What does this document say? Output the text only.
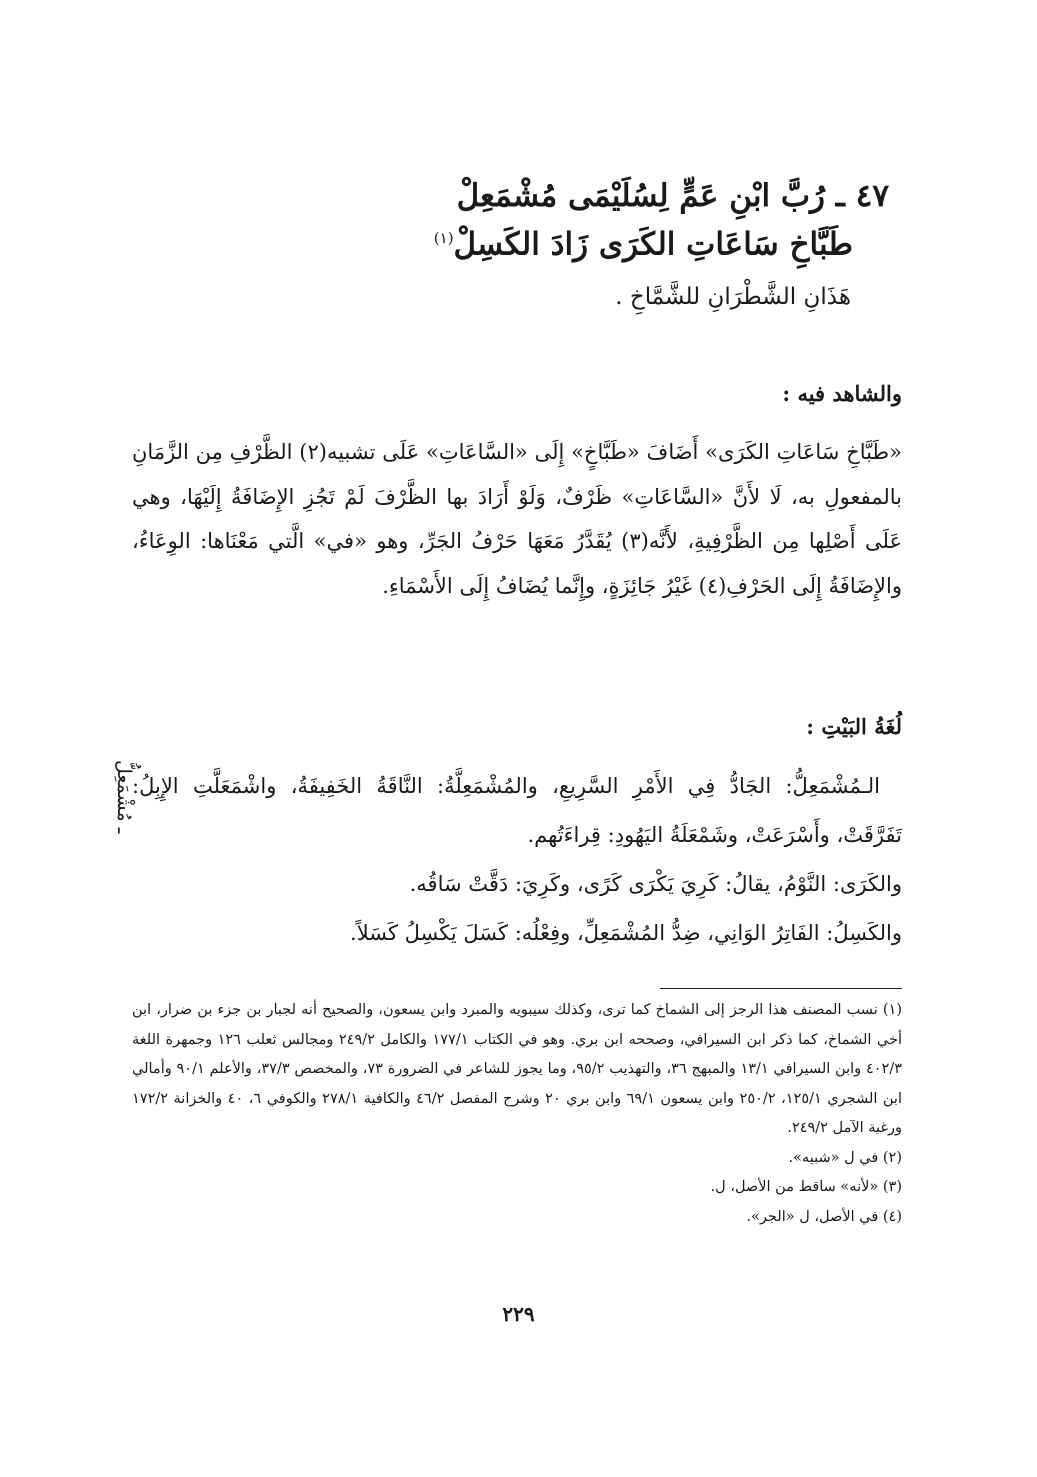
٤٧ ـ رُبَّ ابْنِ عَمٍّ لِسُلَيْمَى مُشْمَعِلْ
طَبَّاخِ سَاعَاتِ الكَرَى زَادَ الكَسِلْ$^{(١)}$
هَذَانِ الشَّطْرَانِ للشَّمَّاخِ .
والشاهد فيه :
«طَبَّاخِ سَاعَاتِ الكَرَى» أَضَافَ «طَبَّاخٍ» إِلَى «السَّاعَاتِ» عَلَى تشبيه(٢) الظَّرْفِ مِن الزَّمَانِ بالمفعولِ به، لَا لأَنَّ «السَّاعَاتِ» ظَرْفٌ، وَلَوْ أَرَادَ بها الظَّرْفَ لَمْ تَجُزِ الإِضَافَةُ إِلَيْهَا، وهي عَلَى أَصْلِها مِن الظَّرْفِيةِ، لأَنَّه(٣) يُقَدَّرُ مَعَهَا حَرْفُ الجَرِّ، وهو «في» الَّتي مَعْنَاها: الوِعَاءُ، والإِضَافَةُ إِلَى الحَرْفِ(٤) غَيْرُ جَائِزَةٍ، وإِنَّما يُضَافُ إِلَى الأَسْمَاءِ.
لُغَةُ البَيْتِ :

الـمُشْمَعِلُّ: الجَادُّ فِي الأَمْرِ السَّرِيعِ، والمُشْمَعِلَّةُ: النَّاقَةُ الخَفِيفَةُ، واشْمَعَلَّتِ الإِبِلُ: تَفَرَّقَتْ، وأَسْرَعَتْ، وشَمْعَلَةُ اليَهُودِ: قِراءَتُهم.

والكَرَى: النَّوْمُ، يقالُ: كَرِيَ يَكْرَى كَرًى، وكَرِيَ: دَقَّتْ سَاقُه.

والكَسِلُ: الفَاتِرُ الوَانِي، ضِدُّ المُشْمَعِلِّ، وفِعْلُه: كَسَلَ يَكْسِلُ كَسَلاً.

ـ مُشْمَعِلُّ

(١) نسب المصنف هذا الرجز إلى الشماخ كما ترى، وكذلك سيبويه والمبرد وابن يسعون، والصحيح أنه لجبار بن جزء بن ضرار، ابن أخي الشماخ، كما ذكر ابن السيرافي، وصححه ابن بري. وهو في الكتاب ١٧٧/١ والكامل ٢٤٩/٢ ومجالس ثعلب ١٢٦ وجمهرة اللغة ٤٠٢/٣ وابن السيرافي ١٣/١ والمبهج ٣٦، والتهذيب ٩٥/٢، وما يجوز للشاعر في الضرورة ٧٣، والمخصص ٣٧/٣، والأعلم ٩٠/١ وأمالي ابن الشجري ١٢٥/١، ٢٥٠/٢ وابن يسعون ٦٩/١ وابن بري ٢٠ وشرح المفصل ٤٦/٢ والكافية ٢٧٨/١ والكوفي ٦، ٤٠ والخزانة ١٧٢/٢ ورغبة الآمل ٢٤٩/٢.

(٢) في ل «شبيه».

(٣) «لأنه» ساقط من الأصل، ل.

(٤) في الأصل، ل «الجر».

٢٢٩
